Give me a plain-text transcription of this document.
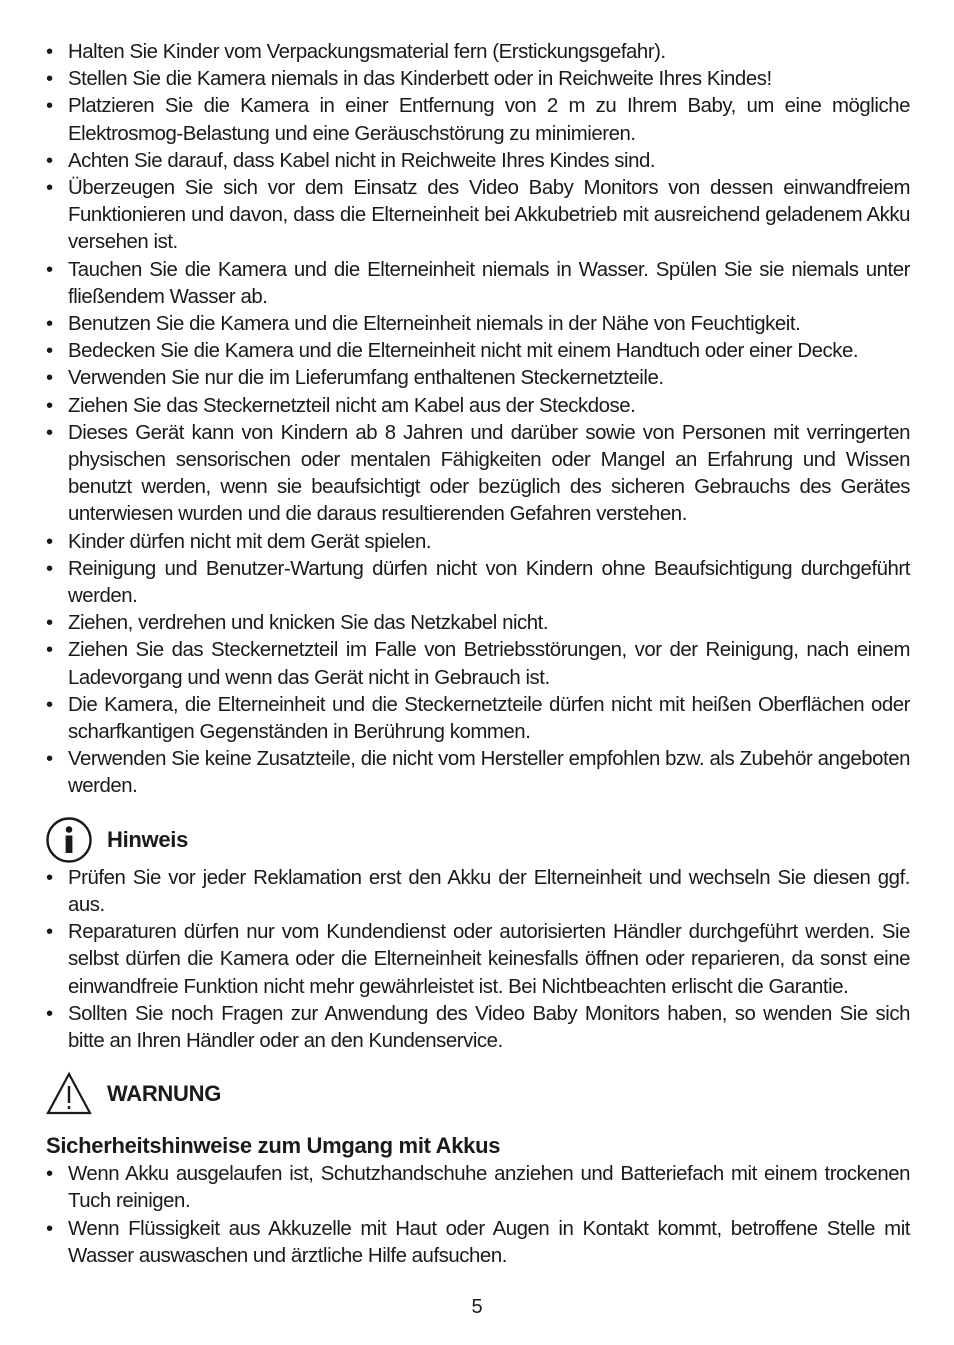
• Halten Sie Kinder vom Verpackungsmaterial fern (Erstickungsgefahr).
• Stellen Sie die Kamera niemals in das Kinderbett oder in Reichweite Ihres Kindes!
• Platzieren Sie die Kamera in einer Entfernung von 2 m zu Ihrem Baby, um eine mögliche Elektrosmog-Belastung und eine Geräuschstörung zu minimieren.
• Achten Sie darauf, dass Kabel nicht in Reichweite Ihres Kindes sind.
• Überzeugen Sie sich vor dem Einsatz des Video Baby Monitors von dessen einwandfreiem Funktionieren und davon, dass die Elterneinheit bei Akkubetrieb mit ausreichend geladenem Akku versehen ist.
• Tauchen Sie die Kamera und die Elterneinheit niemals in Wasser. Spülen Sie sie niemals unter fließendem Wasser ab.
• Benutzen Sie die Kamera und die Elterneinheit niemals in der Nähe von Feuchtigkeit.
• Bedecken Sie die Kamera und die Elterneinheit nicht mit einem Handtuch oder einer Decke.
• Verwenden Sie nur die im Lieferumfang enthaltenen Steckernetzteile.
• Ziehen Sie das Steckernetzteil nicht am Kabel aus der Steckdose.
• Dieses Gerät kann von Kindern ab 8 Jahren und darüber sowie von Personen mit verringerten physischen sensorischen oder mentalen Fähigkeiten oder Mangel an Erfahrung und Wissen benutzt werden, wenn sie beaufsichtigt oder bezüglich des sicheren Gebrauchs des Gerätes unterwiesen wurden und die daraus resultierenden Gefahren verstehen.
• Kinder dürfen nicht mit dem Gerät spielen.
• Reinigung und Benutzer-Wartung dürfen nicht von Kindern ohne Beaufsichtigung durchgeführt werden.
• Ziehen, verdrehen und knicken Sie das Netzkabel nicht.
• Ziehen Sie das Steckernetzteil im Falle von Betriebsstörungen, vor der Reinigung, nach einem Ladevorgang und wenn das Gerät nicht in Gebrauch ist.
• Die Kamera, die Elterneinheit und die Steckernetzteile dürfen nicht mit heißen Oberflächen oder scharfkantigen Gegenständen in Berührung kommen.
• Verwenden Sie keine Zusatzteile, die nicht vom Hersteller empfohlen bzw. als Zubehör angeboten werden.
Hinweis
• Prüfen Sie vor jeder Reklamation erst den Akku der Elterneinheit und wechseln Sie diesen ggf. aus.
• Reparaturen dürfen nur vom Kundendienst oder autorisierten Händler durchgeführt werden. Sie selbst dürfen die Kamera oder die Elterneinheit keinesfalls öffnen oder reparieren, da sonst eine einwandfreie Funktion nicht mehr gewährleistet ist. Bei Nichtbeachten erlischt die Garantie.
• Sollten Sie noch Fragen zur Anwendung des Video Baby Monitors haben, so wenden Sie sich bitte an Ihren Händler oder an den Kundenservice.
WARNUNG
Sicherheitshinweise zum Umgang mit Akkus
• Wenn Akku ausgelaufen ist, Schutzhandschuhe anziehen und Batteriefach mit einem trockenen Tuch reinigen.
• Wenn Flüssigkeit aus Akkuzelle mit Haut oder Augen in Kontakt kommt, betroffene Stelle mit Wasser auswaschen und ärztliche Hilfe aufsuchen.
5
